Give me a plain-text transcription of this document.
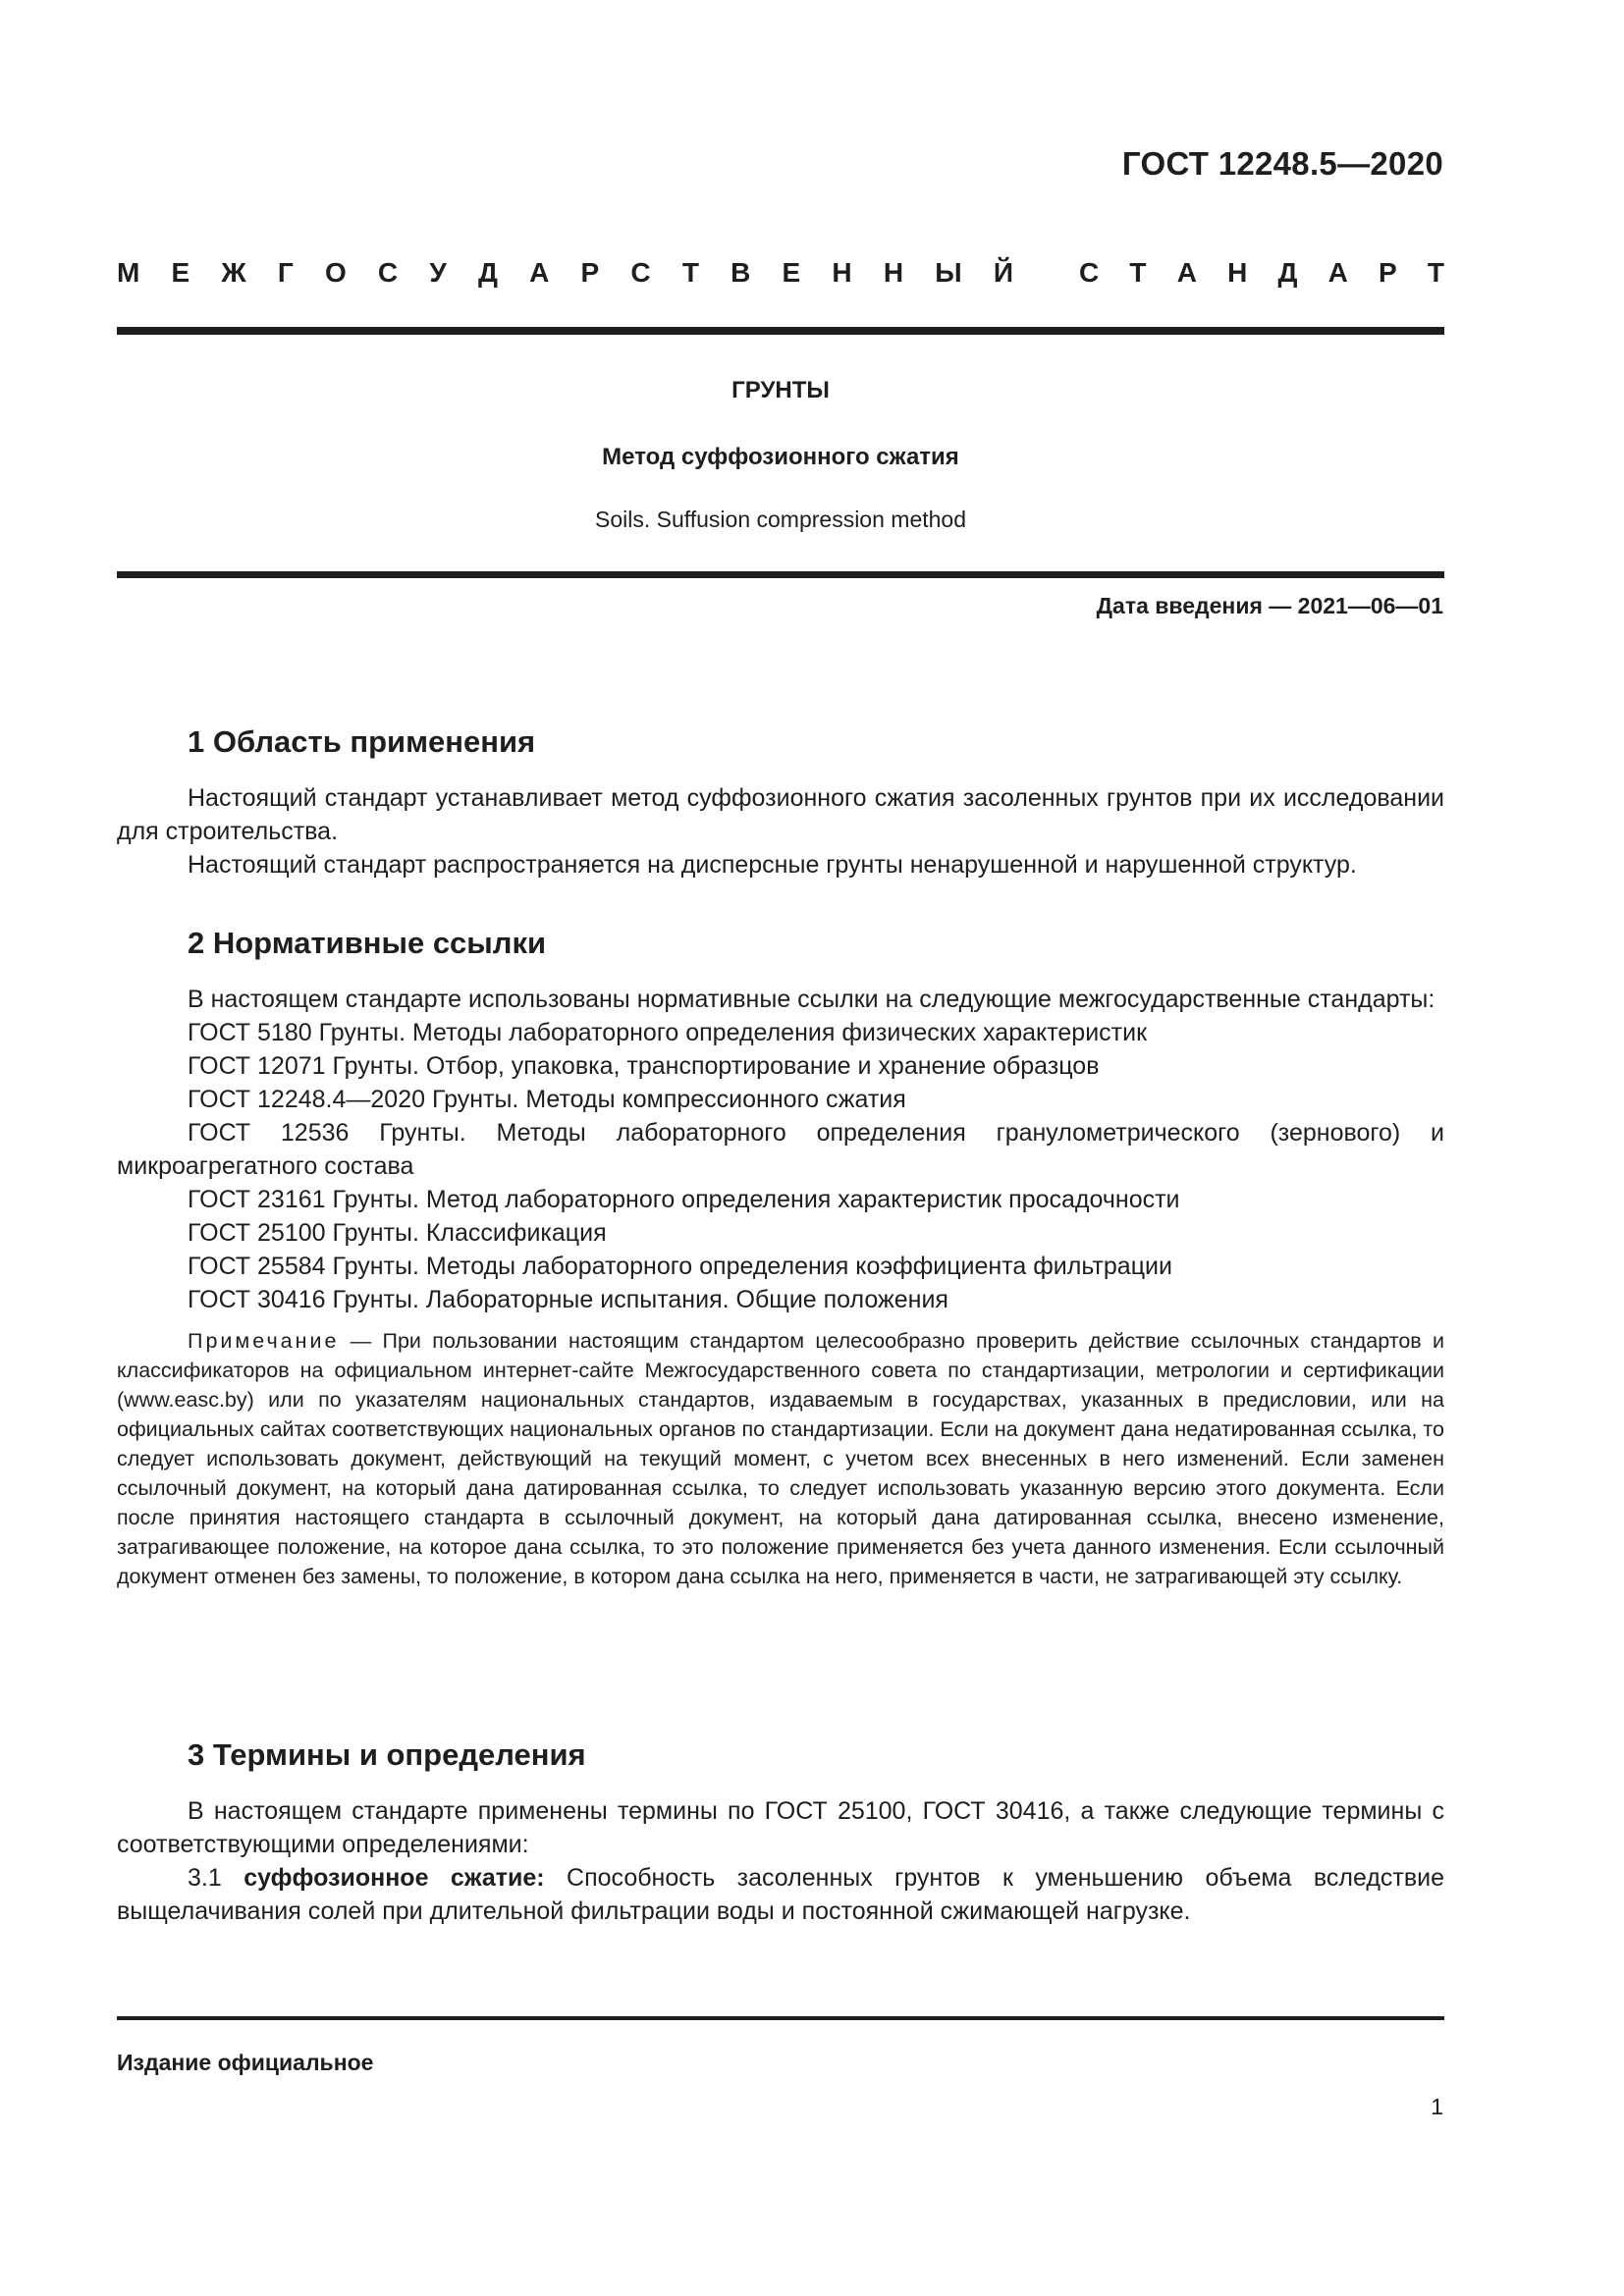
ГОСТ 12248.5—2020
М Е Ж Г О С У Д А Р С Т В Е Н Н Ы Й С Т А Н Д А Р Т
ГРУНТЫ
Метод суффозионного сжатия
Soils. Suffusion compression method
Дата введения — 2021—06—01
1 Область применения

Настоящий стандарт устанавливает метод суффозионного сжатия засоленных грунтов при их исследовании для строительства.

Настоящий стандарт распространяется на дисперсные грунты ненарушенной и нарушенной структур.

2 Нормативные ссылки

В настоящем стандарте использованы нормативные ссылки на следующие межгосударственные стандарты:

ГОСТ 5180 Грунты. Методы лабораторного определения физических характеристик

ГОСТ 12071 Грунты. Отбор, упаковка, транспортирование и хранение образцов

ГОСТ 12248.4—2020 Грунты. Методы компрессионного сжатия

ГОСТ 12536 Грунты. Методы лабораторного определения гранулометрического (зернового) и микроагрегатного состава

ГОСТ 23161 Грунты. Метод лабораторного определения характеристик просадочности

ГОСТ 25100 Грунты. Классификация

ГОСТ 25584 Грунты. Методы лабораторного определения коэффициента фильтрации

ГОСТ 30416 Грунты. Лабораторные испытания. Общие положения

Примечание — При пользовании настоящим стандартом целесообразно проверить действие ссылочных стандартов и классификаторов на официальном интернет-сайте Межгосударственного совета по стандартизации, метрологии и сертификации (www.easc.by) или по указателям национальных стандартов, издаваемым в государствах, указанных в предисловии, или на официальных сайтах соответствующих национальных органов по стандартизации. Если на документ дана недатированная ссылка, то следует использовать документ, действующий на текущий момент, с учетом всех внесенных в него изменений. Если заменен ссылочный документ, на который дана датированная ссылка, то следует использовать указанную версию этого документа. Если после принятия настоящего стандарта в ссылочный документ, на который дана датированная ссылка, внесено изменение, затрагивающее положение, на которое дана ссылка, то это положение применяется без учета данного изменения. Если ссылочный документ отменен без замены, то положение, в котором дана ссылка на него, применяется в части, не затрагивающей эту ссылку.

3 Термины и определения

В настоящем стандарте применены термины по ГОСТ 25100, ГОСТ 30416, а также следующие термины с соответствующими определениями:

3.1 суффозионное сжатие: Способность засоленных грунтов к уменьшению объема вследствие выщелачивания солей при длительной фильтрации воды и постоянной сжимающей нагрузке.

Издание официальное
1
